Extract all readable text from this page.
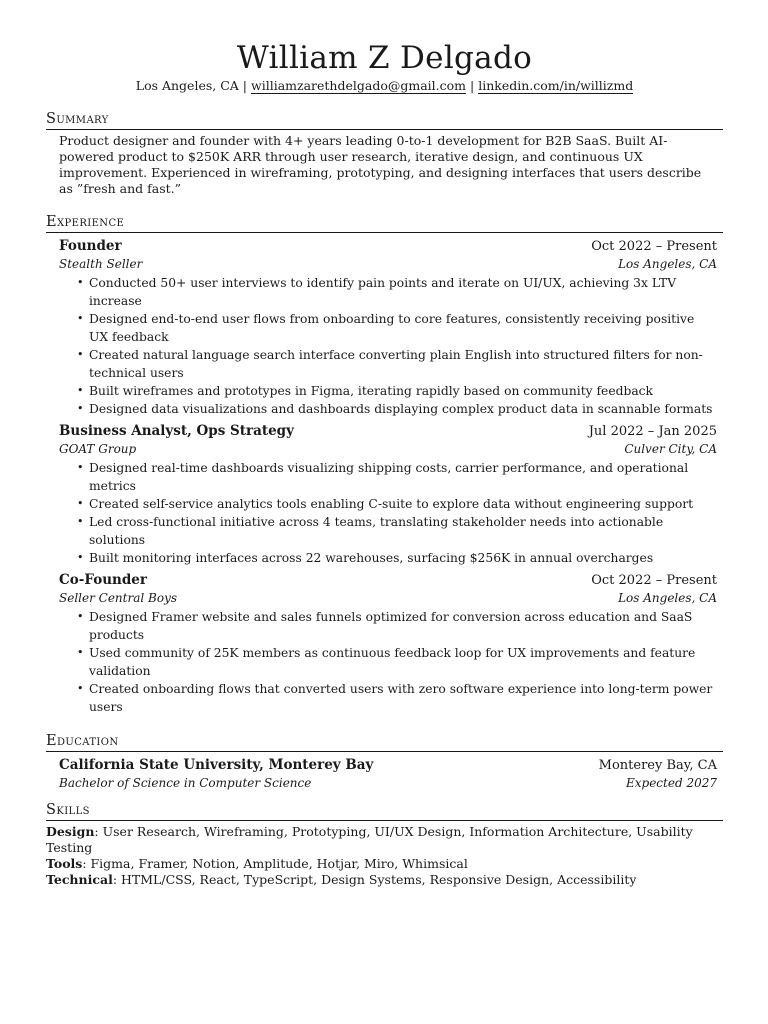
William Z Delgado
Los Angeles, CA | williamzarethdelgado@gmail.com | linkedin.com/in/willizmd
Summary
Product designer and founder with 4+ years leading 0-to-1 development for B2B SaaS. Built AI-powered product to $250K ARR through user research, iterative design, and continuous UX improvement. Experienced in wireframing, prototyping, and designing interfaces that users describe as ”fresh and fast.”
Experience
Founder	Oct 2022 – Present
Stealth Seller	Los Angeles, CA
• Conducted 50+ user interviews to identify pain points and iterate on UI/UX, achieving 3x LTV increase
• Designed end-to-end user flows from onboarding to core features, consistently receiving positive UX feedback
• Created natural language search interface converting plain English into structured filters for non-technical users
• Built wireframes and prototypes in Figma, iterating rapidly based on community feedback
• Designed data visualizations and dashboards displaying complex product data in scannable formats
Business Analyst, Ops Strategy	Jul 2022 – Jan 2025
GOAT Group	Culver City, CA
• Designed real-time dashboards visualizing shipping costs, carrier performance, and operational metrics
• Created self-service analytics tools enabling C-suite to explore data without engineering support
• Led cross-functional initiative across 4 teams, translating stakeholder needs into actionable solutions
• Built monitoring interfaces across 22 warehouses, surfacing $256K in annual overcharges
Co-Founder	Oct 2022 – Present
Seller Central Boys	Los Angeles, CA
• Designed Framer website and sales funnels optimized for conversion across education and SaaS products
• Used community of 25K members as continuous feedback loop for UX improvements and feature validation
• Created onboarding flows that converted users with zero software experience into long-term power users
Education
California State University, Monterey Bay	Monterey Bay, CA
Bachelor of Science in Computer Science	Expected 2027
Skills
Design: User Research, Wireframing, Prototyping, UI/UX Design, Information Architecture, Usability Testing
Tools: Figma, Framer, Notion, Amplitude, Hotjar, Miro, Whimsical
Technical: HTML/CSS, React, TypeScript, Design Systems, Responsive Design, Accessibility
